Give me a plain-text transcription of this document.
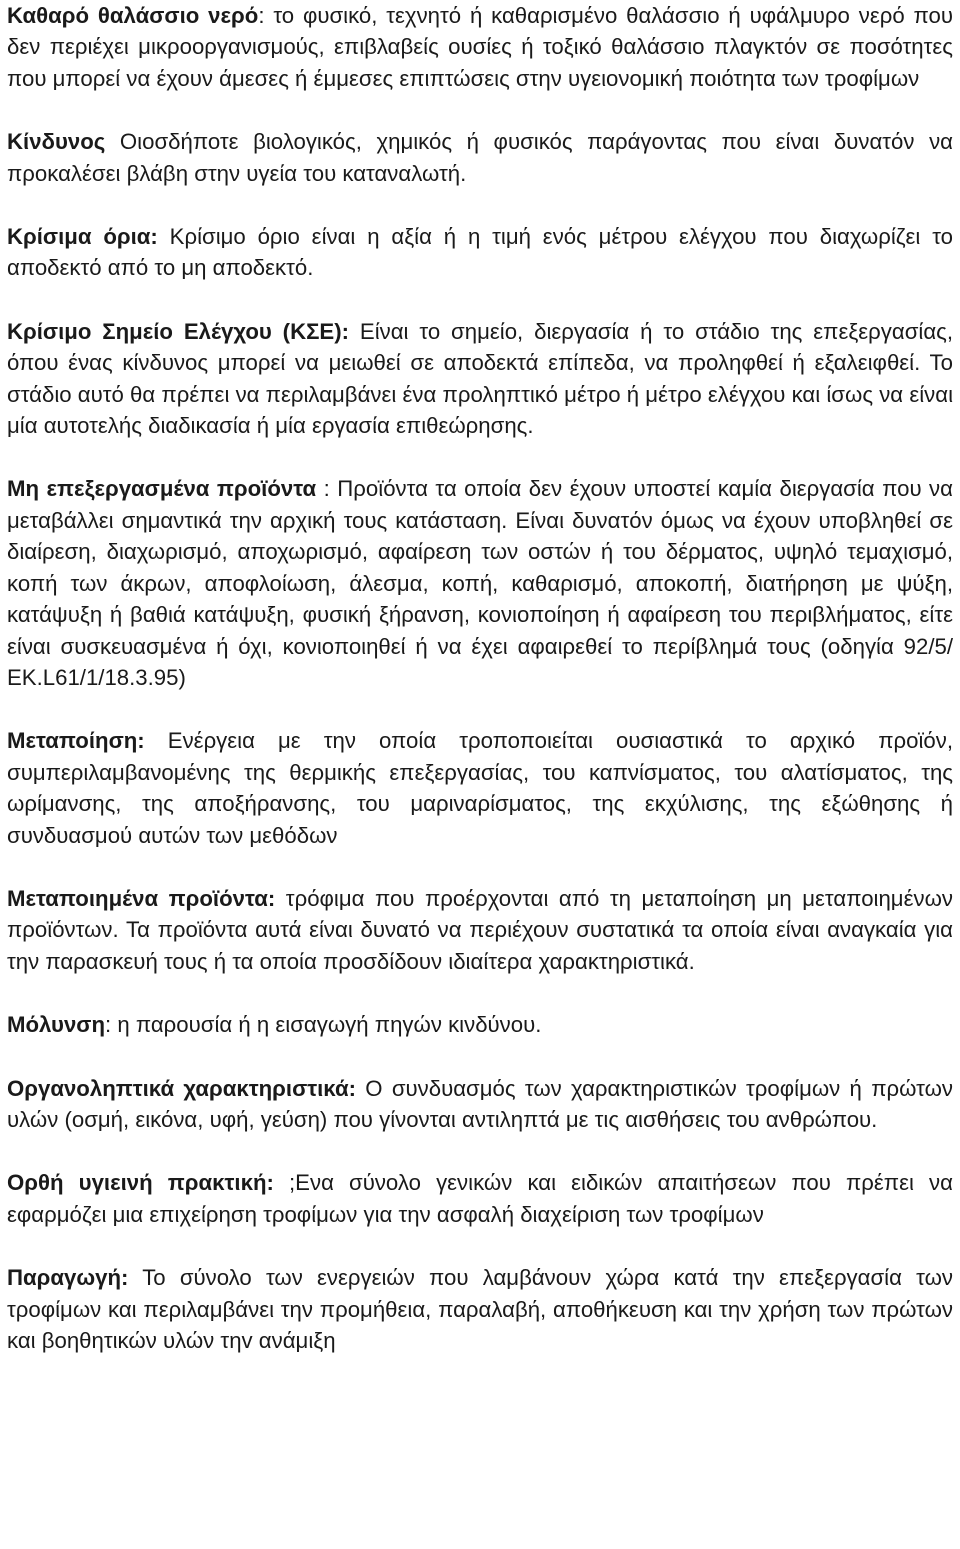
Καθαρό θαλάσσιο νερό: το φυσικό, τεχνητό ή καθαρισμένο θαλάσσιο ή υφάλμυρο νερό που δεν περιέχει μικροοργανισμούς, επιβλαβείς ουσίες ή τοξικό θαλάσσιο πλαγκτόν σε ποσότητες που μπορεί να έχουν άμεσες ή έμμεσες επιπτώσεις στην υγειονομική ποιότητα των τροφίμων

Κίνδυνος Οιοσδήποτε βιολογικός, χημικός ή φυσικός παράγοντας που είναι δυνατόν να προκαλέσει βλάβη στην υγεία του καταναλωτή.

Κρίσιμα όρια: Κρίσιμο όριο είναι η αξία ή η τιμή ενός μέτρου ελέγχου που διαχωρίζει το αποδεκτό από το μη αποδεκτό.

Κρίσιμο Σημείο Ελέγχου (ΚΣΕ): Είναι το σημείο, διεργασία ή το στάδιο της επεξεργασίας, όπου ένας κίνδυνος μπορεί να μειωθεί σε αποδεκτά επίπεδα, να προληφθεί ή εξαλειφθεί. Το στάδιο αυτό θα πρέπει να περιλαμβάνει ένα προληπτικό μέτρο ή μέτρο ελέγχου και ίσως να είναι μία αυτοτελής διαδικασία ή μία εργασία επιθεώρησης.

Μη επεξεργασμένα προϊόντα : Προϊόντα τα οποία δεν έχουν υποστεί καμία διεργασία που να μεταβάλλει σημαντικά την αρχική τους κατάσταση. Είναι δυνατόν όμως να έχουν υποβληθεί σε διαίρεση, διαχωρισμό, αποχωρισμό, αφαίρεση των οστών ή του δέρματος, υψηλό τεμαχισμό, κοπή των άκρων, αποφλοίωση, άλεσμα, κοπή, καθαρισμό, αποκοπή, διατήρηση με ψύξη, κατάψυξη ή βαθιά κατάψυξη, φυσική ξήρανση, κονιοποίηση ή αφαίρεση του περιβλήματος, είτε είναι συσκευασμένα ή όχι, κονιοποιηθεί ή να έχει αφαιρεθεί το περίβλημά τους (οδηγία 92/5/ΕΚ.L61/1/18.3.95)

Μεταποίηση: Ενέργεια με την οποία τροποποιείται ουσιαστικά το αρχικό προϊόν, συμπεριλαμβανομένης της θερμικής επεξεργασίας, του καπνίσματος, του αλατίσματος, της ωρίμανσης, της αποξήρανσης, του μαριναρίσματος, της εκχύλισης, της εξώθησης ή συνδυασμού αυτών των μεθόδων

Μεταποιημένα προϊόντα: τρόφιμα που προέρχονται από τη μεταποίηση μη μεταποιημένων προϊόντων. Τα προϊόντα αυτά είναι δυνατό να περιέχουν συστατικά τα οποία είναι αναγκαία για την παρασκευή τους ή τα οποία προσδίδουν ιδιαίτερα χαρακτηριστικά.

Μόλυνση: η παρουσία ή η εισαγωγή πηγών κινδύνου.

Οργανοληπτικά χαρακτηριστικά: Ο συνδυασμός των χαρακτηριστικών τροφίμων ή πρώτων υλών (οσμή, εικόνα, υφή, γεύση) που γίνονται αντιληπτά με τις αισθήσεις του ανθρώπου.

Ορθή υγιεινή πρακτική: ;Ενα σύνολο γενικών και ειδικών απαιτήσεων που πρέπει να εφαρμόζει μια επιχείρηση τροφίμων για την ασφαλή διαχείριση των τροφίμων

Παραγωγή: Το σύνολο των ενεργειών που λαμβάνουν χώρα κατά την επεξεργασία των τροφίμων και περιλαμβάνει την προμήθεια, παραλαβή, αποθήκευση και την χρήση των πρώτων και βοηθητικών υλών τηv ανάμιξη
